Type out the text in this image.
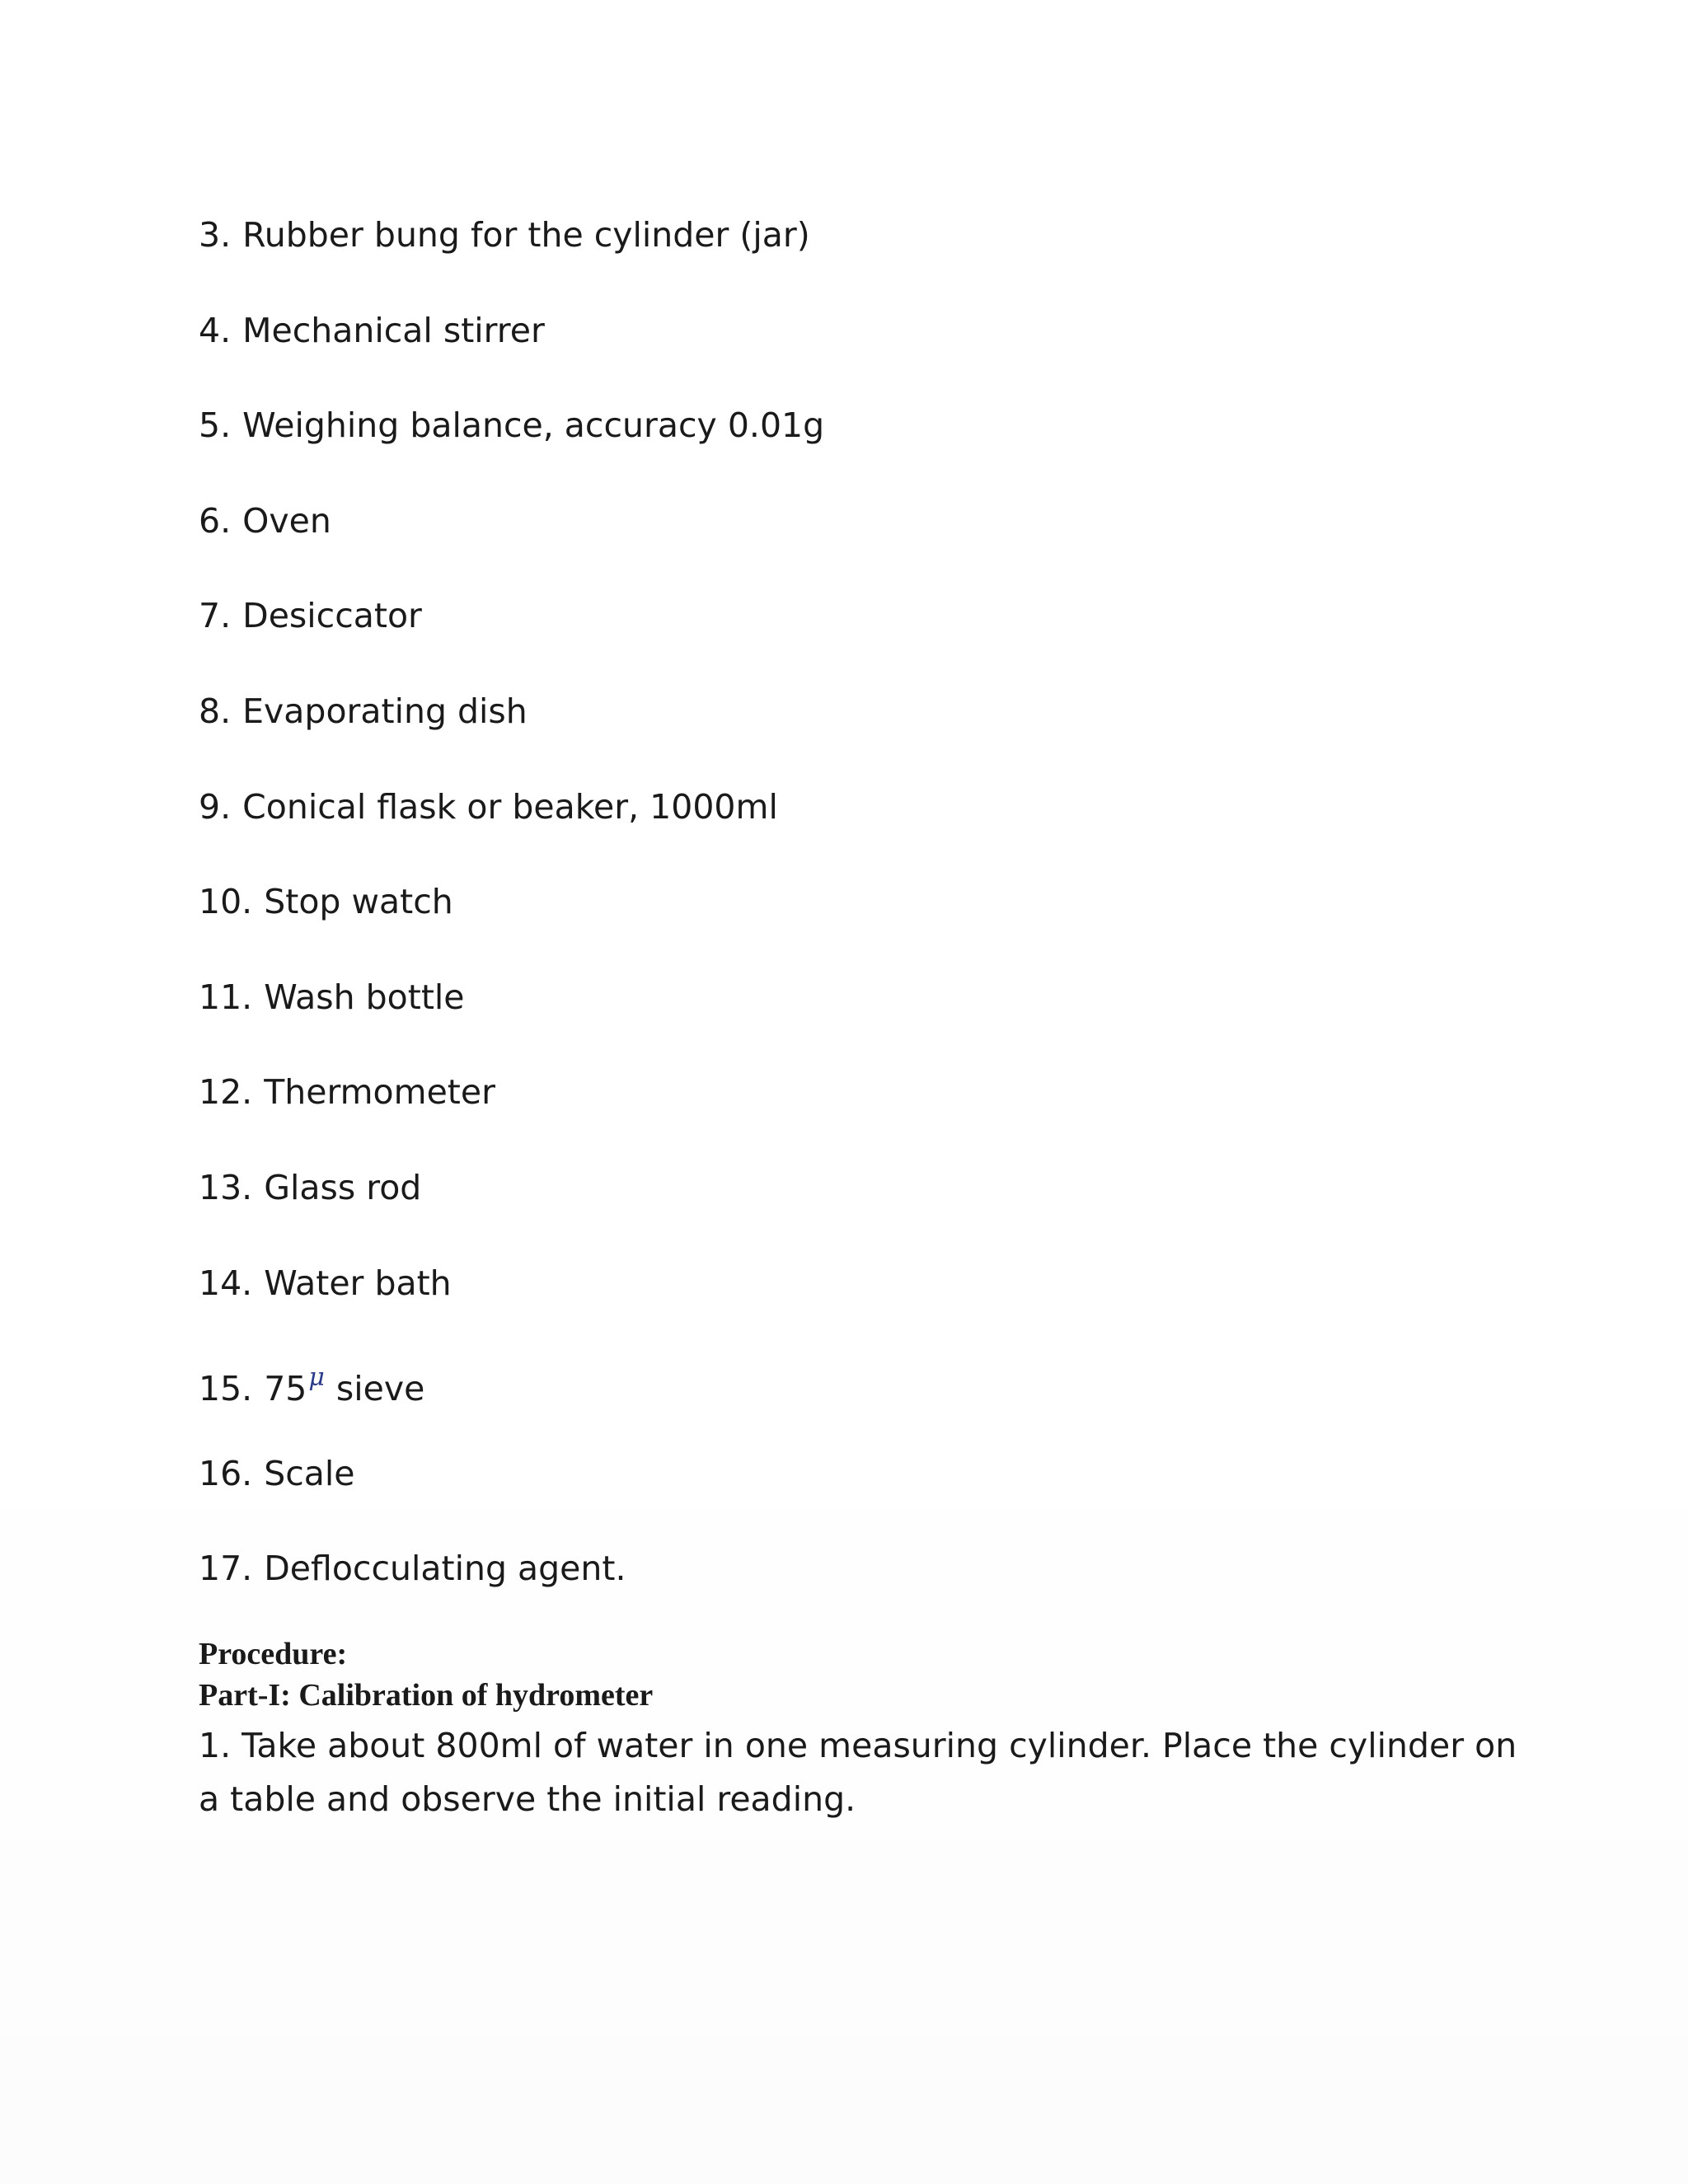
3. Rubber bung for the cylinder (jar)
4. Mechanical stirrer
5. Weighing balance, accuracy 0.01g
6. Oven
7. Desiccator
8. Evaporating dish
9. Conical flask or beaker, 1000ml
10. Stop watch
11. Wash bottle
12. Thermometer
13. Glass rod
14. Water bath
15. $75^\mu$ sieve
16. Scale
17. Deflocculating agent.
Procedure:
Part-I: Calibration of hydrometer

1. Take about 800ml of water in one measuring cylinder. Place the cylinder on a table and observe the initial reading.
